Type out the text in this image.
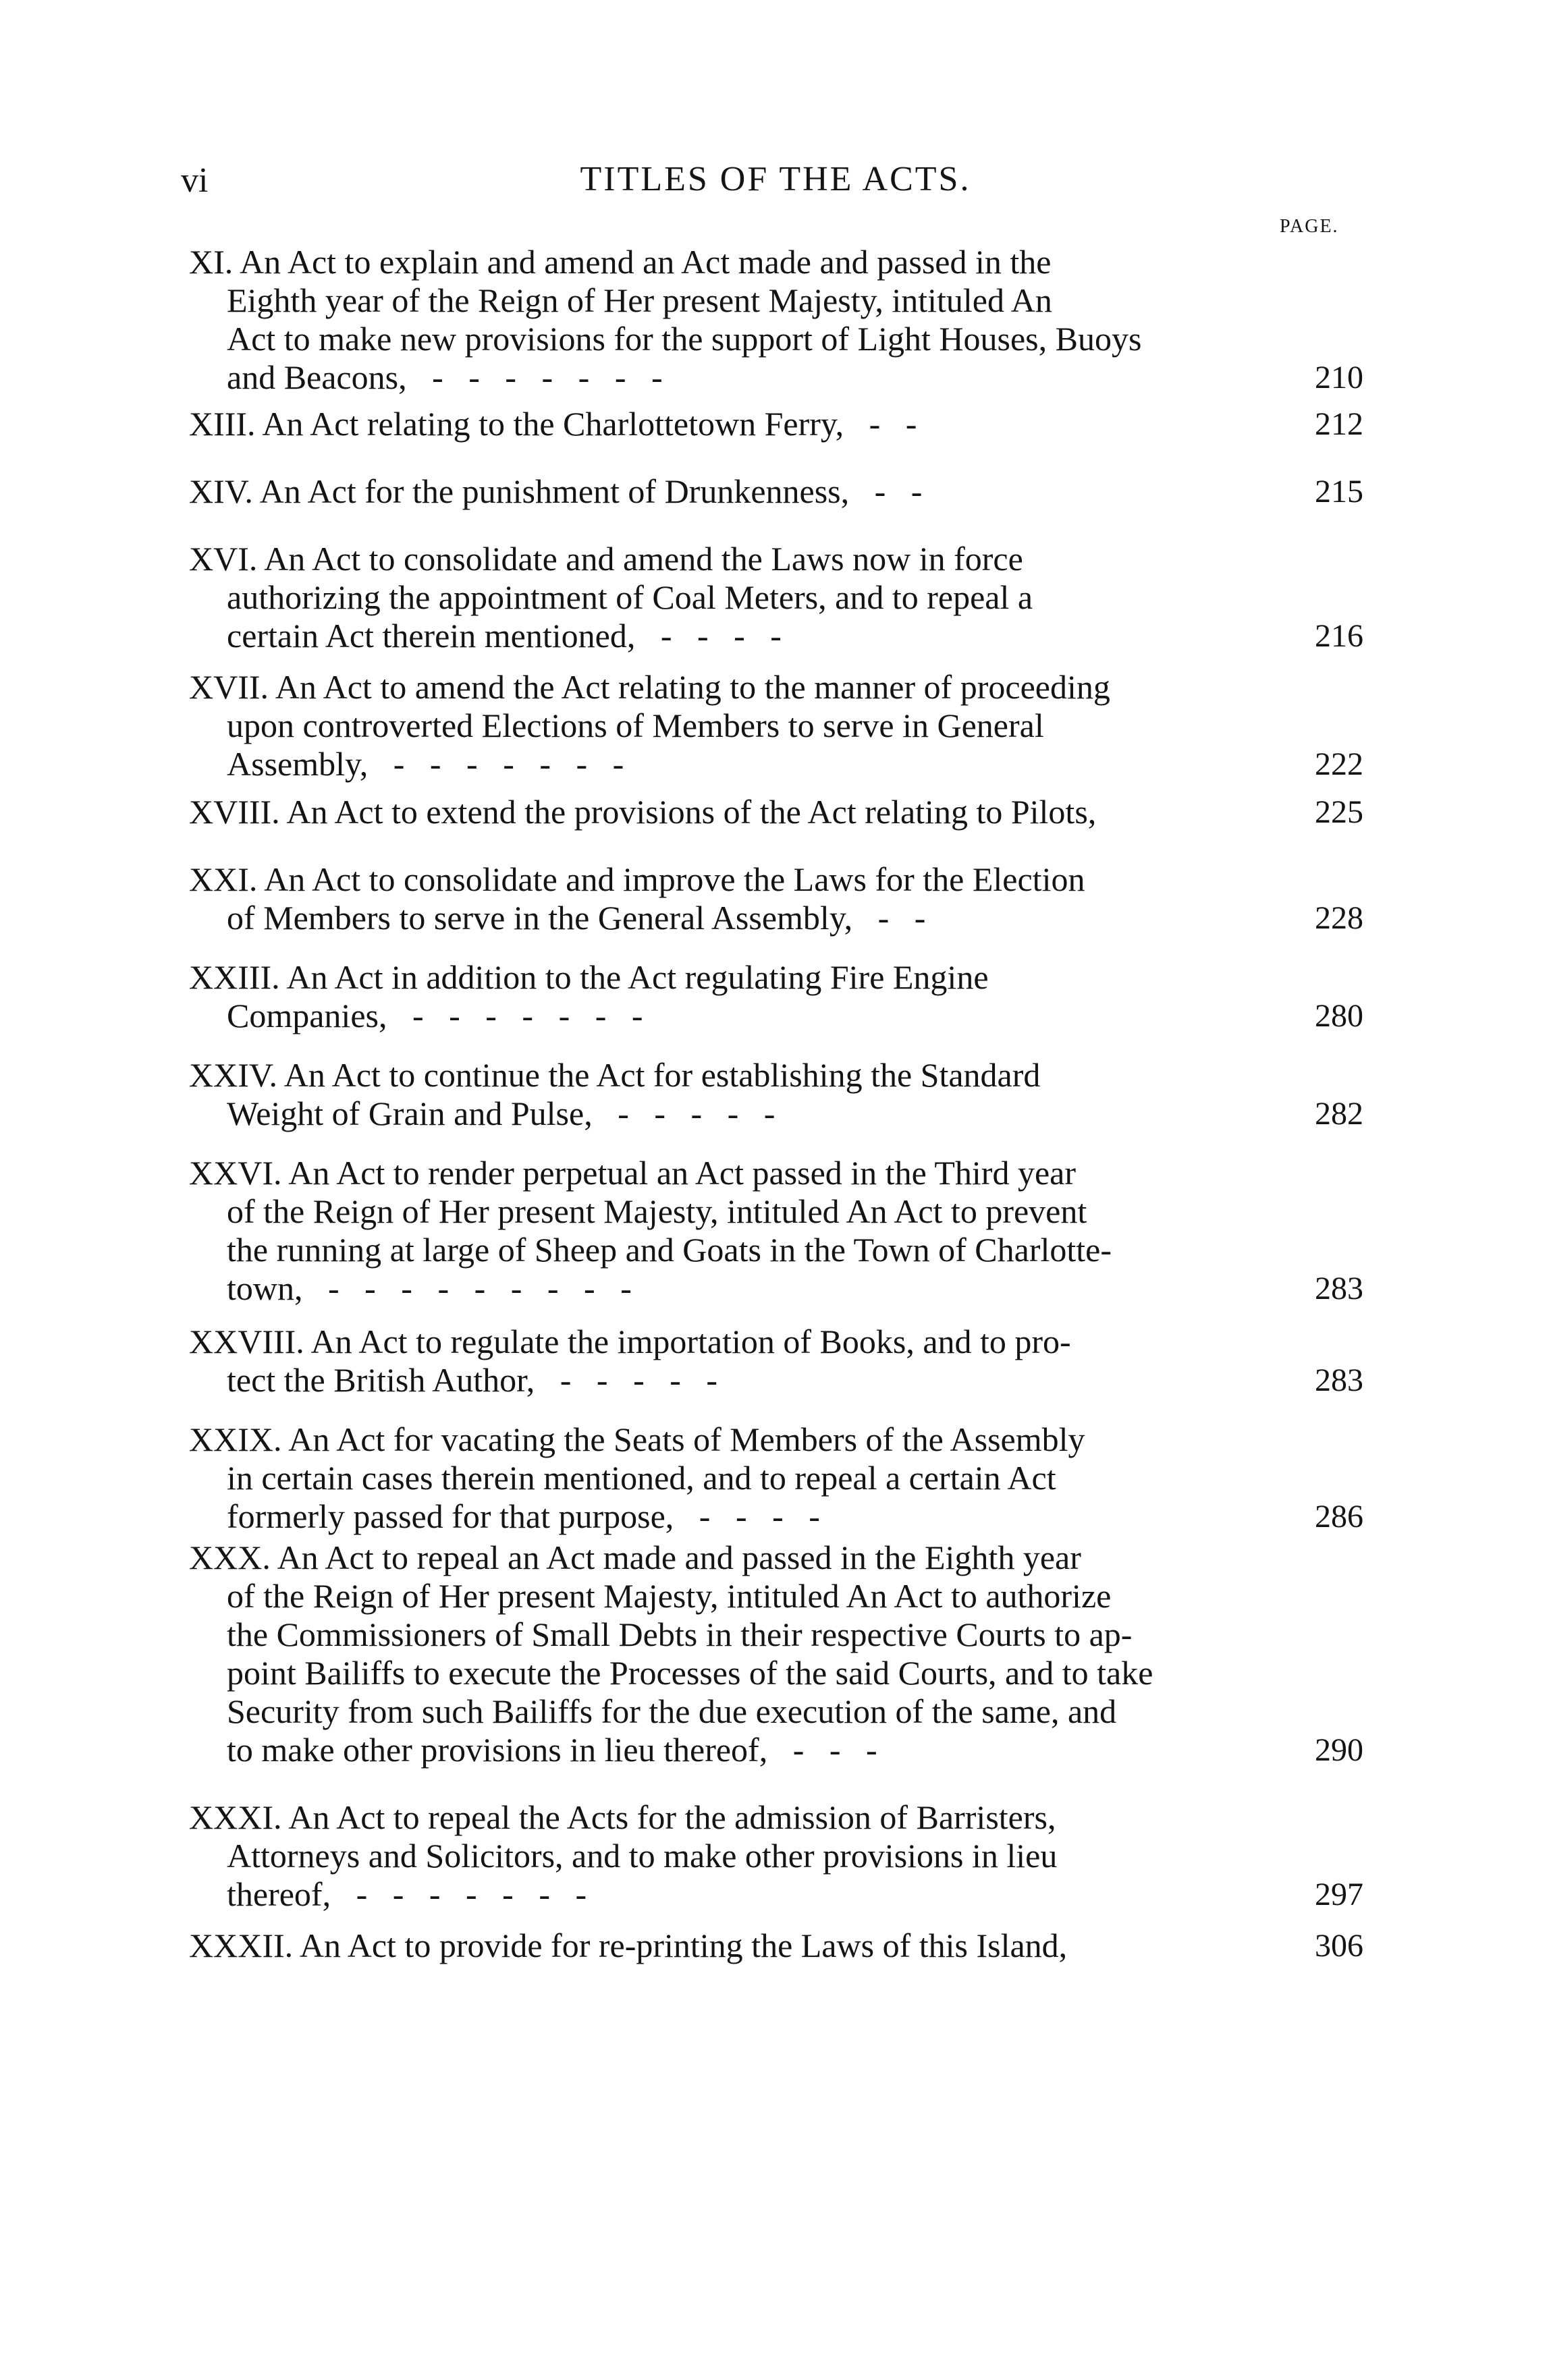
vi	TITLES OF THE ACTS.
PAGE.
XI. An Act to explain and amend an Act made and passed in the
Eighth year of the Reign of Her present Majesty, intituled An
Act to make new provisions for the support of Light Houses, Buoys
and Beacons,   -   -   -   -   -   -   -	210
XIII. An Act relating to the Charlottetown Ferry,   -   -	212
XIV. An Act for the punishment of Drunkenness,   -   -	215
XVI. An Act to consolidate and amend the Laws now in force
authorizing the appointment of Coal Meters, and to repeal a
certain Act therein mentioned,   -   -   -   -	216
XVII. An Act to amend the Act relating to the manner of proceeding
upon controverted Elections of Members to serve in General
Assembly,   -   -   -   -   -   -   -	222
XVIII. An Act to extend the provisions of the Act relating to Pilots,	225
XXI. An Act to consolidate and improve the Laws for the Election
of Members to serve in the General Assembly,   -   -	228
XXIII. An Act in addition to the Act regulating Fire Engine
Companies,   -   -   -   -   -   -   -	280
XXIV. An Act to continue the Act for establishing the Standard
Weight of Grain and Pulse,   -   -   -   -   -	282
XXVI. An Act to render perpetual an Act passed in the Third year
of the Reign of Her present Majesty, intituled An Act to prevent
the running at large of Sheep and Goats in the Town of Charlotte-
town,   -   -   -   -   -   -   -   -   -	283
XXVIII. An Act to regulate the importation of Books, and to pro-
tect the British Author,   -   -   -   -   -	283
XXIX. An Act for vacating the Seats of Members of the Assembly
in certain cases therein mentioned, and to repeal a certain Act
formerly passed for that purpose,   -   -   -   -	286
XXX. An Act to repeal an Act made and passed in the Eighth year
of the Reign of Her present Majesty, intituled An Act to authorize
the Commissioners of Small Debts in their respective Courts to ap-
point Bailiffs to execute the Processes of the said Courts, and to take
Security from such Bailiffs for the due execution of the same, and
to make other provisions in lieu thereof,   -   -   -	290
XXXI. An Act to repeal the Acts for the admission of Barristers,
Attorneys and Solicitors, and to make other provisions in lieu
thereof,   -   -   -   -   -   -   -	297
XXXII. An Act to provide for re-printing the Laws of this Island,	306
